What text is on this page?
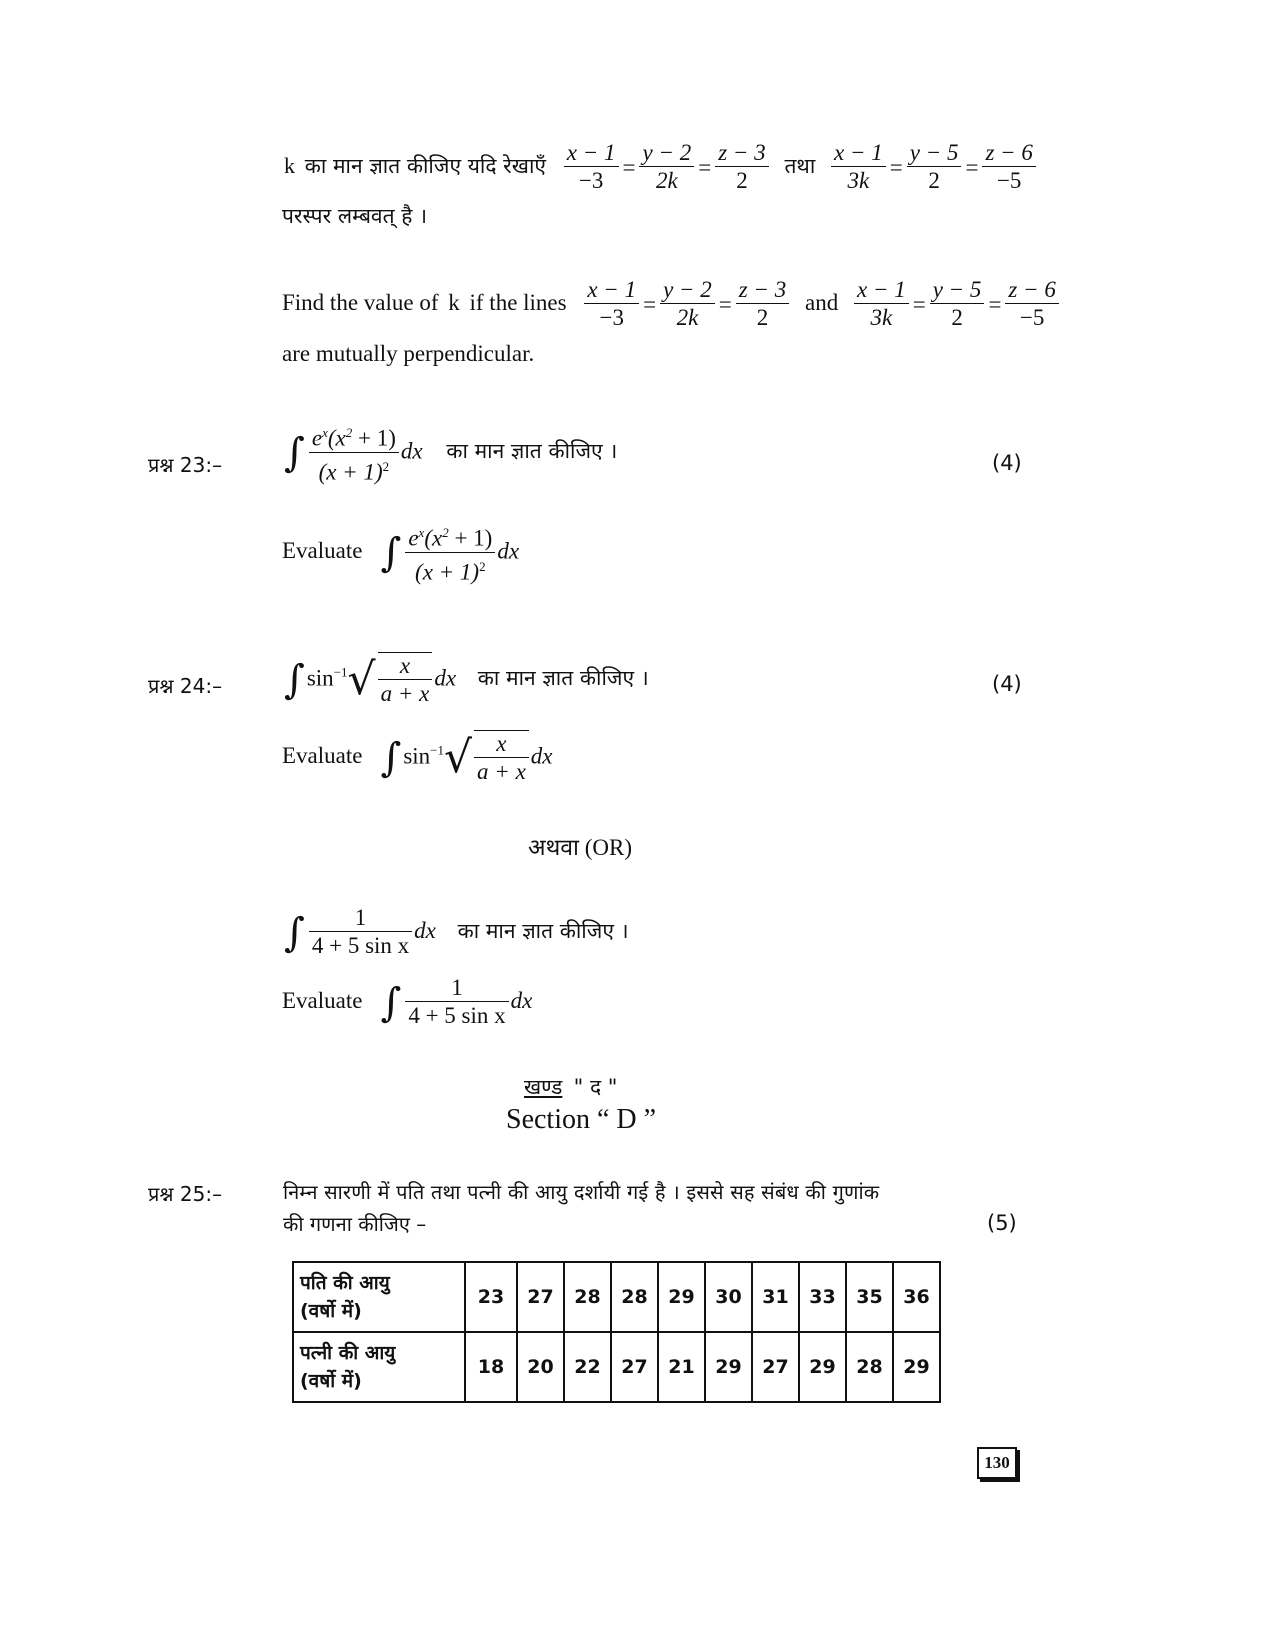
k का मान ज्ञात कीजिए यदि रेखाएँ $\frac{x - 1}{-3} = \frac{y - 2}{2k} = \frac{z - 3}{2}$ तथा $\frac{x - 1}{3k} = \frac{y - 5}{2} = \frac{z - 6}{-5}$
परस्पर लम्बवत् है ।
Find the value of k if the lines $\frac{x - 1}{-3} = \frac{y - 2}{2k} = \frac{z - 3}{2}$ and $\frac{x - 1}{3k} = \frac{y - 5}{2} = \frac{z - 6}{-5}$
are mutually perpendicular.
प्रश्न 23:– ∫ $\frac{e^x(x^2 + 1)}{(x + 1)^2}$ dx का मान ज्ञात कीजिए ।	(4)
Evaluate ∫ $\frac{e^x(x^2 + 1)}{(x + 1)^2}$ dx
प्रश्न 24:– $\int\sin^{-1}√ \frac{x}{a + x}$ dx का मान ज्ञात कीजिए ।	(4)
Evaluate $\int\sin^{-1}√ \frac{x}{a + x}$ dx
अथवा (OR)
∫ $\frac{1}{\text{4 + 5 sin x}}$ dx का मान ज्ञात कीजिए ।
Evaluate ∫ $\frac{1}{\text{4 + 5 sin x}}$ dx
खण्ड " द "
Section “ D ”
प्रश्न 25:–	निम्न सारणी में पति तथा पत्नी की आयु दर्शायी गई है । इससे सह संबंध की गुणांक
की गणना कीजिए –	(5)
पति की आयु
(वर्षो में)	23	27	28	28	29	30	31	33	35	36
पत्नी की आयु
(वर्षो में)	18	20	22	27	21	29	27	29	28	29
130
